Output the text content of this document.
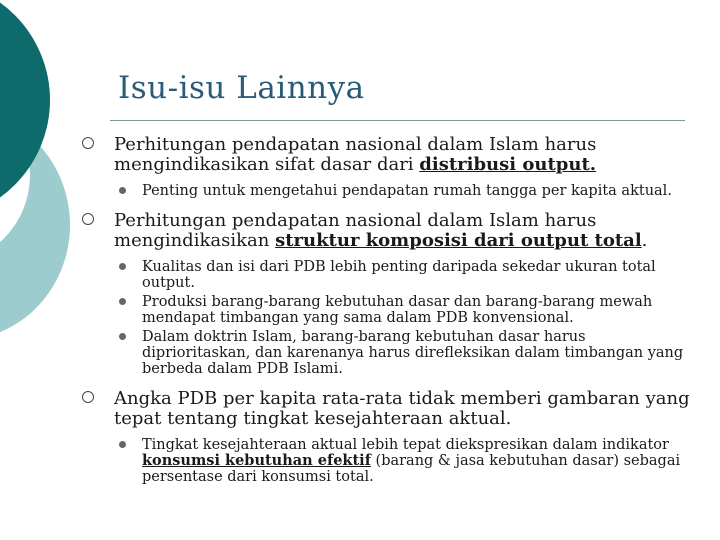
Isu-isu Lainnya
Perhitungan pendapatan nasional dalam Islam harus mengindikasikan sifat dasar dari distribusi output.
Penting untuk mengetahui pendapatan rumah tangga per kapita aktual.
Perhitungan pendapatan nasional dalam Islam harus mengindikasikan struktur komposisi dari output total.
Kualitas dan isi dari PDB lebih penting daripada sekedar ukuran total output.
Produksi barang-barang kebutuhan dasar dan barang-barang mewah mendapat timbangan yang sama dalam PDB konvensional.
Dalam doktrin Islam, barang-barang kebutuhan dasar harus diprioritaskan, dan karenanya harus direfleksikan dalam timbangan yang berbeda dalam PDB Islami.
Angka PDB per kapita rata-rata tidak memberi gambaran yang tepat tentang tingkat kesejahteraan aktual.
Tingkat kesejahteraan aktual lebih tepat diekspresikan dalam indikator konsumsi kebutuhan efektif (barang & jasa kebutuhan dasar) sebagai persentase dari konsumsi total.
